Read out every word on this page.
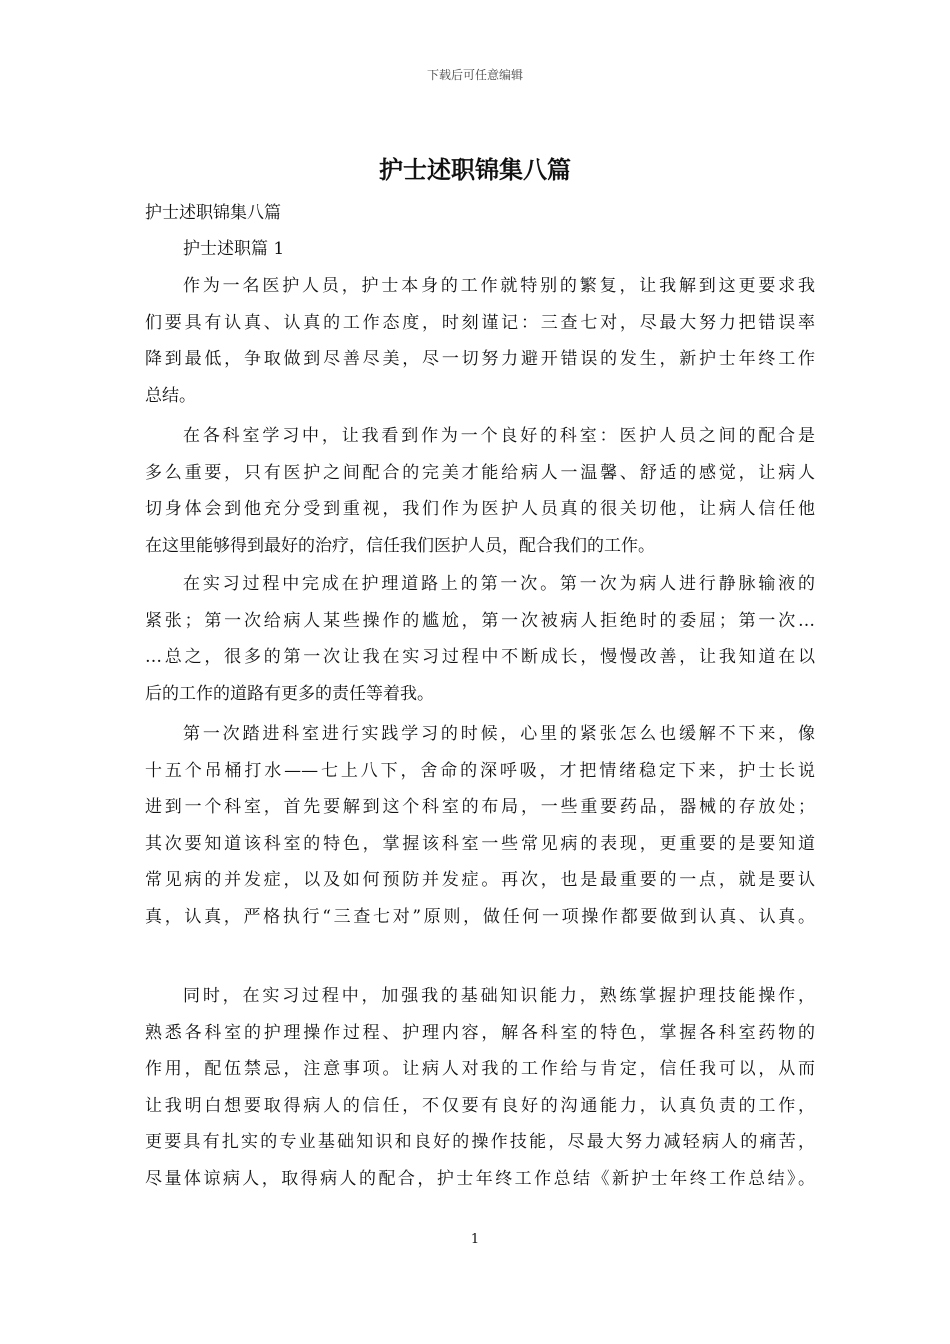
下载后可任意编辑
护士述职锦集八篇
护士述职锦集八篇
护士述职篇 1
作为一名医护人员，护士本身的工作就特别的繁复，让我解到这更要求我
们要具有认真、认真的工作态度，时刻谨记：三查七对，尽最大努力把错误率
降到最低，争取做到尽善尽美，尽一切努力避开错误的发生，新护士年终工作
总结。
在各科室学习中，让我看到作为一个良好的科室：医护人员之间的配合是
多么重要，只有医护之间配合的完美才能给病人一温馨、舒适的感觉，让病人
切身体会到他充分受到重视，我们作为医护人员真的很关切他，让病人信任他
在这里能够得到最好的治疗，信任我们医护人员，配合我们的工作。
在实习过程中完成在护理道路上的第一次。第一次为病人进行静脉输液的
紧张；第一次给病人某些操作的尴尬，第一次被病人拒绝时的委屈；第一次…
…总之，很多的第一次让我在实习过程中不断成长，慢慢改善，让我知道在以
后的工作的道路有更多的责任等着我。
第一次踏进科室进行实践学习的时候，心里的紧张怎么也缓解不下来，像
十五个吊桶打水——七上八下，舍命的深呼吸，才把情绪稳定下来，护士长说
进到一个科室，首先要解到这个科室的布局，一些重要药品，器械的存放处；
其次要知道该科室的特色，掌握该科室一些常见病的表现，更重要的是要知道
常见病的并发症，以及如何预防并发症。再次，也是最重要的一点，就是要认
真，认真，严格执行“三查七对”原则，做任何一项操作都要做到认真、认真。
同时，在实习过程中，加强我的基础知识能力，熟练掌握护理技能操作，
熟悉各科室的护理操作过程、护理内容，解各科室的特色，掌握各科室药物的
作用，配伍禁忌，注意事项。让病人对我的工作给与肯定，信任我可以，从而
让我明白想要取得病人的信任，不仅要有良好的沟通能力，认真负责的工作，
更要具有扎实的专业基础知识和良好的操作技能，尽最大努力减轻病人的痛苦，
尽量体谅病人，取得病人的配合，护士年终工作总结《新护士年终工作总结》。
1
